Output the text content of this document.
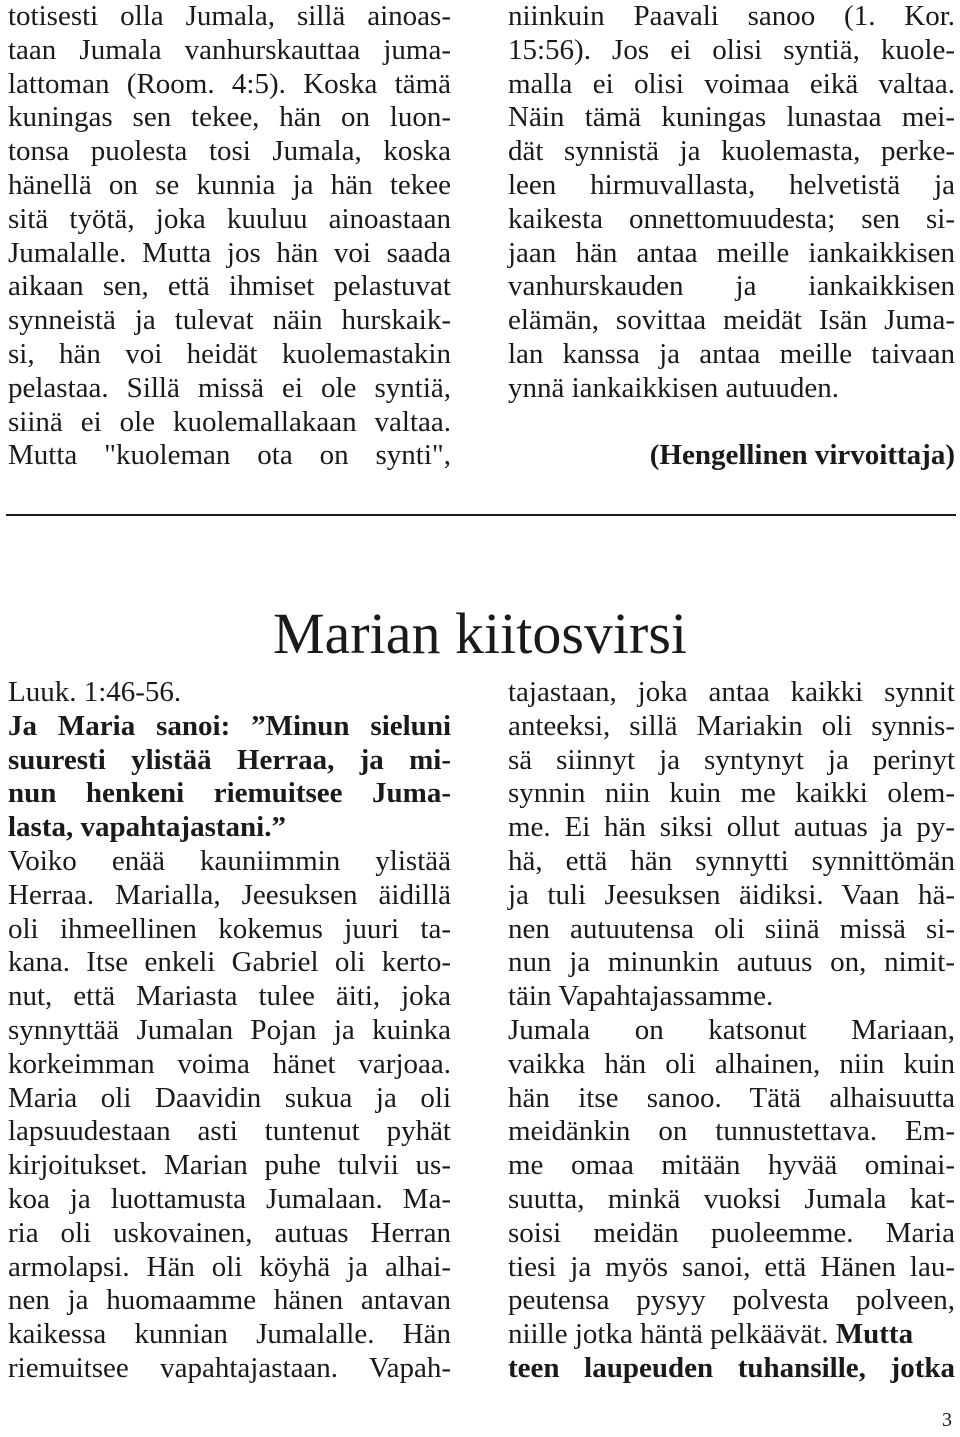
totisesti olla Jumala, sillä ainoas-
taan Jumala vanhurskauttaa juma-
lattoman (Room. 4:5). Koska tämä
kuningas sen tekee, hän on luon-
tonsa puolesta tosi Jumala, koska
hänellä on se kunnia ja hän tekee
sitä työtä, joka kuuluu ainoastaan
Jumalalle. Mutta jos hän voi saada
aikaan sen, että ihmiset pelastuvat
synneistä ja tulevat näin hurskaik-
si, hän voi heidät kuolemastakin
pelastaa. Sillä missä ei ole syntiä,
siinä ei ole kuolemallakaan valtaa.
Mutta "kuoleman ota on synti",
niinkuin Paavali sanoo (1. Kor.
15:56). Jos ei olisi syntiä, kuole-
malla ei olisi voimaa eikä valtaa.
Näin tämä kuningas lunastaa mei-
dät synnistä ja kuolemasta, perke-
leen hirmuvallasta, helvetistä ja
kaikesta onnettomuudesta; sen si-
jaan hän antaa meille iankaikkisen
vanhurskauden ja iankaikkisen
elämän, sovittaa meidät Isän Juma-
lan kanssa ja antaa meille taivaan
ynnä iankaikkisen autuuden.
(Hengellinen virvoittaja)
Marian kiitosvirsi
Luuk. 1:46-56.
Ja Maria sanoi: ”Minun sieluni
suuresti ylistää Herraa, ja mi-
nun henkeni riemuitsee Juma-
lasta, vapahtajastani.”
Voiko enää kauniimmin ylistää
Herraa. Marialla, Jeesuksen äidillä
oli ihmeellinen kokemus juuri ta-
kana. Itse enkeli Gabriel oli kerto-
nut, että Mariasta tulee äiti, joka
synnyttää Jumalan Pojan ja kuinka
korkeimman voima hänet varjoaa.
Maria oli Daavidin sukua ja oli
lapsuudestaan asti tuntenut pyhät
kirjoitukset. Marian puhe tulvii us-
koa ja luottamusta Jumalaan. Ma-
ria oli uskovainen, autuas Herran
armolapsi. Hän oli köyhä ja alhai-
nen ja huomaamme hänen antavan
kaikessa kunnian Jumalalle. Hän
riemuitsee vapahtajastaan. Vapah-
tajastaan, joka antaa kaikki synnit
anteeksi, sillä Mariakin oli synnis-
sä siinnyt ja syntynyt ja perinyt
synnin niin kuin me kaikki olem-
me. Ei hän siksi ollut autuas ja py-
hä, että hän synnytti synnittömän
ja tuli Jeesuksen äidiksi. Vaan hä-
nen autuutensa oli siinä missä si-
nun ja minunkin autuus on, nimit-
täin Vapahtajassamme.
Jumala on katsonut Mariaan,
vaikka hän oli alhainen, niin kuin
hän itse sanoo. Tätä alhaisuutta
meidänkin on tunnustettava. Em-
me omaa mitään hyvää ominai-
suutta, minkä vuoksi Jumala kat-
soisi meidän puoleemme. Maria
tiesi ja myös sanoi, että Hänen lau-
peutensa pysyy polvesta polveen,
niille jotka häntä pelkäävät. Mutta
teen laupeuden tuhansille, jotka
3
